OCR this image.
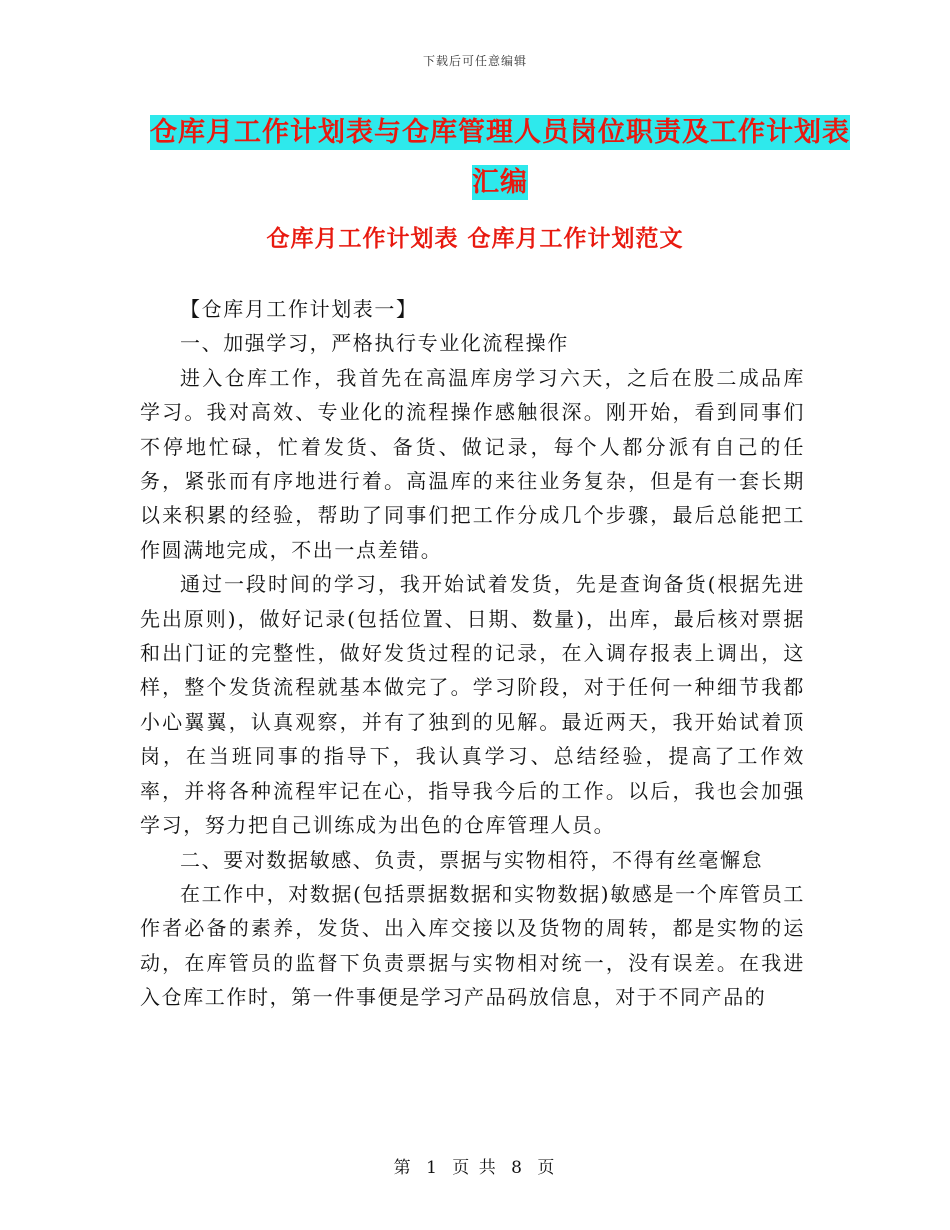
下载后可任意编辑
仓库月工作计划表与仓库管理人员岗位职责及工作计划表汇编
仓库月工作计划表 仓库月工作计划范文

【仓库月工作计划表一】

一、加强学习，严格执行专业化流程操作

进入仓库工作，我首先在高温库房学习六天，之后在股二成品库学习。我对高效、专业化的流程操作感触很深。刚开始，看到同事们不停地忙碌，忙着发货、备货、做记录，每个人都分派有自己的任务，紧张而有序地进行着。高温库的来往业务复杂，但是有一套长期以来积累的经验，帮助了同事们把工作分成几个步骤，最后总能把工作圆满地完成，不出一点差错。

通过一段时间的学习，我开始试着发货，先是查询备货(根据先进先出原则)，做好记录(包括位置、日期、数量)，出库，最后核对票据和出门证的完整性，做好发货过程的记录，在入调存报表上调出，这样，整个发货流程就基本做完了。学习阶段，对于任何一种细节我都小心翼翼，认真观察，并有了独到的见解。最近两天，我开始试着顶岗，在当班同事的指导下，我认真学习、总结经验，提高了工作效率，并将各种流程牢记在心，指导我今后的工作。以后，我也会加强学习，努力把自己训练成为出色的仓库管理人员。

二、要对数据敏感、负责，票据与实物相符，不得有丝毫懈怠

在工作中，对数据(包括票据数据和实物数据)敏感是一个库管员工作者必备的素养，发货、出入库交接以及货物的周转，都是实物的运动，在库管员的监督下负责票据与实物相对统一，没有误差。在我进入仓库工作时，第一件事便是学习产品码放信息，对于不同产品的

第 1 页 共 8 页
